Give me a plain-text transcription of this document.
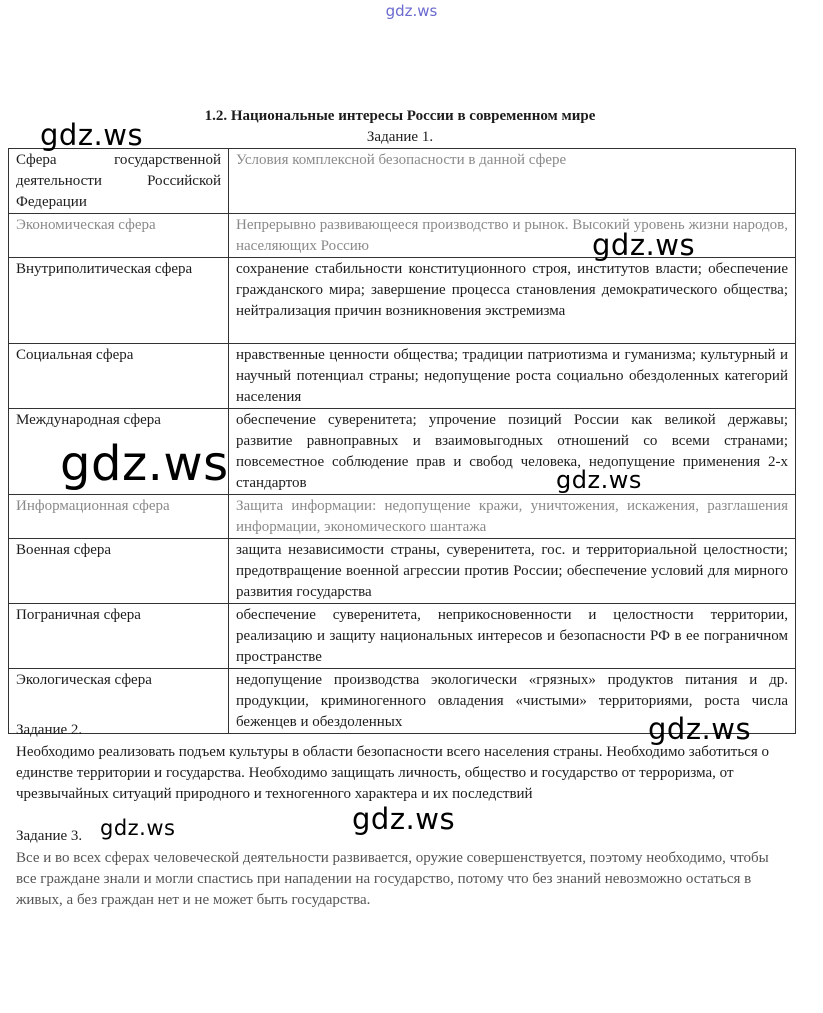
gdz.ws
1.2. Национальные интересы России в современном мире
Задание 1.
Сфера государственной деятельности Российской Федерации	Условия комплексной безопасности в данной сфере
Экономическая сфера	Непрерывно развивающееся производство и рынок. Высокий уровень жизни народов, населяющих Россию
Внутриполитическая сфера	сохранение стабильности конституционного строя, институтов власти; обеспечение гражданского мира; завершение процесса становления демократического общества; нейтрализация причин возникновения экстремизма
Социальная сфера	нравственные ценности общества; традиции патриотизма и гуманизма; культурный и научный потенциал страны; недопущение роста социально обездоленных категорий населения
Международная сфера	обеспечение суверенитета; упрочение позиций России как великой державы; развитие равноправных и взаимовыгодных отношений со всеми странами; повсеместное соблюдение прав и свобод человека, недопущение применения 2-х стандартов
Информационная сфера	Защита информации: недопущение кражи, уничтожения, искажения, разглашения информации, экономического шантажа
Военная сфера	защита независимости страны, суверенитета, гос. и территориальной целостности; предотвращение военной агрессии против России; обеспечение условий для мирного развития государства
Пограничная сфера	обеспечение суверенитета, неприкосновенности и целостности территории, реализацию и защиту национальных интересов и безопасности РФ в ее пограничном пространстве
Экологическая сфера	недопущение производства экологически «грязных» продуктов питания и др. продукции, криминогенного овладения «чистыми» территориями, роста числа беженцев и обездоленных
Задание 2.
Необходимо реализовать подъем культуры в области безопасности всего населения страны. Необходимо заботиться о единстве территории и государства. Необходимо защищать личность, общество и государство от терроризма, от чрезвычайных ситуаций природного и техногенного характера и их последствий
Задание 3.
Все и во всех сферах человеческой деятельности развивается, оружие совершенствуется, поэтому необходимо, чтобы все граждане знали и могли спастись при нападении на государство, потому что без знаний невозможно остаться в живых, а без граждан нет и не может быть государства.
gdz.ws
gdz.ws
gdz.ws	gdz.ws
gdz.ws
gdz.ws
gdz.ws
